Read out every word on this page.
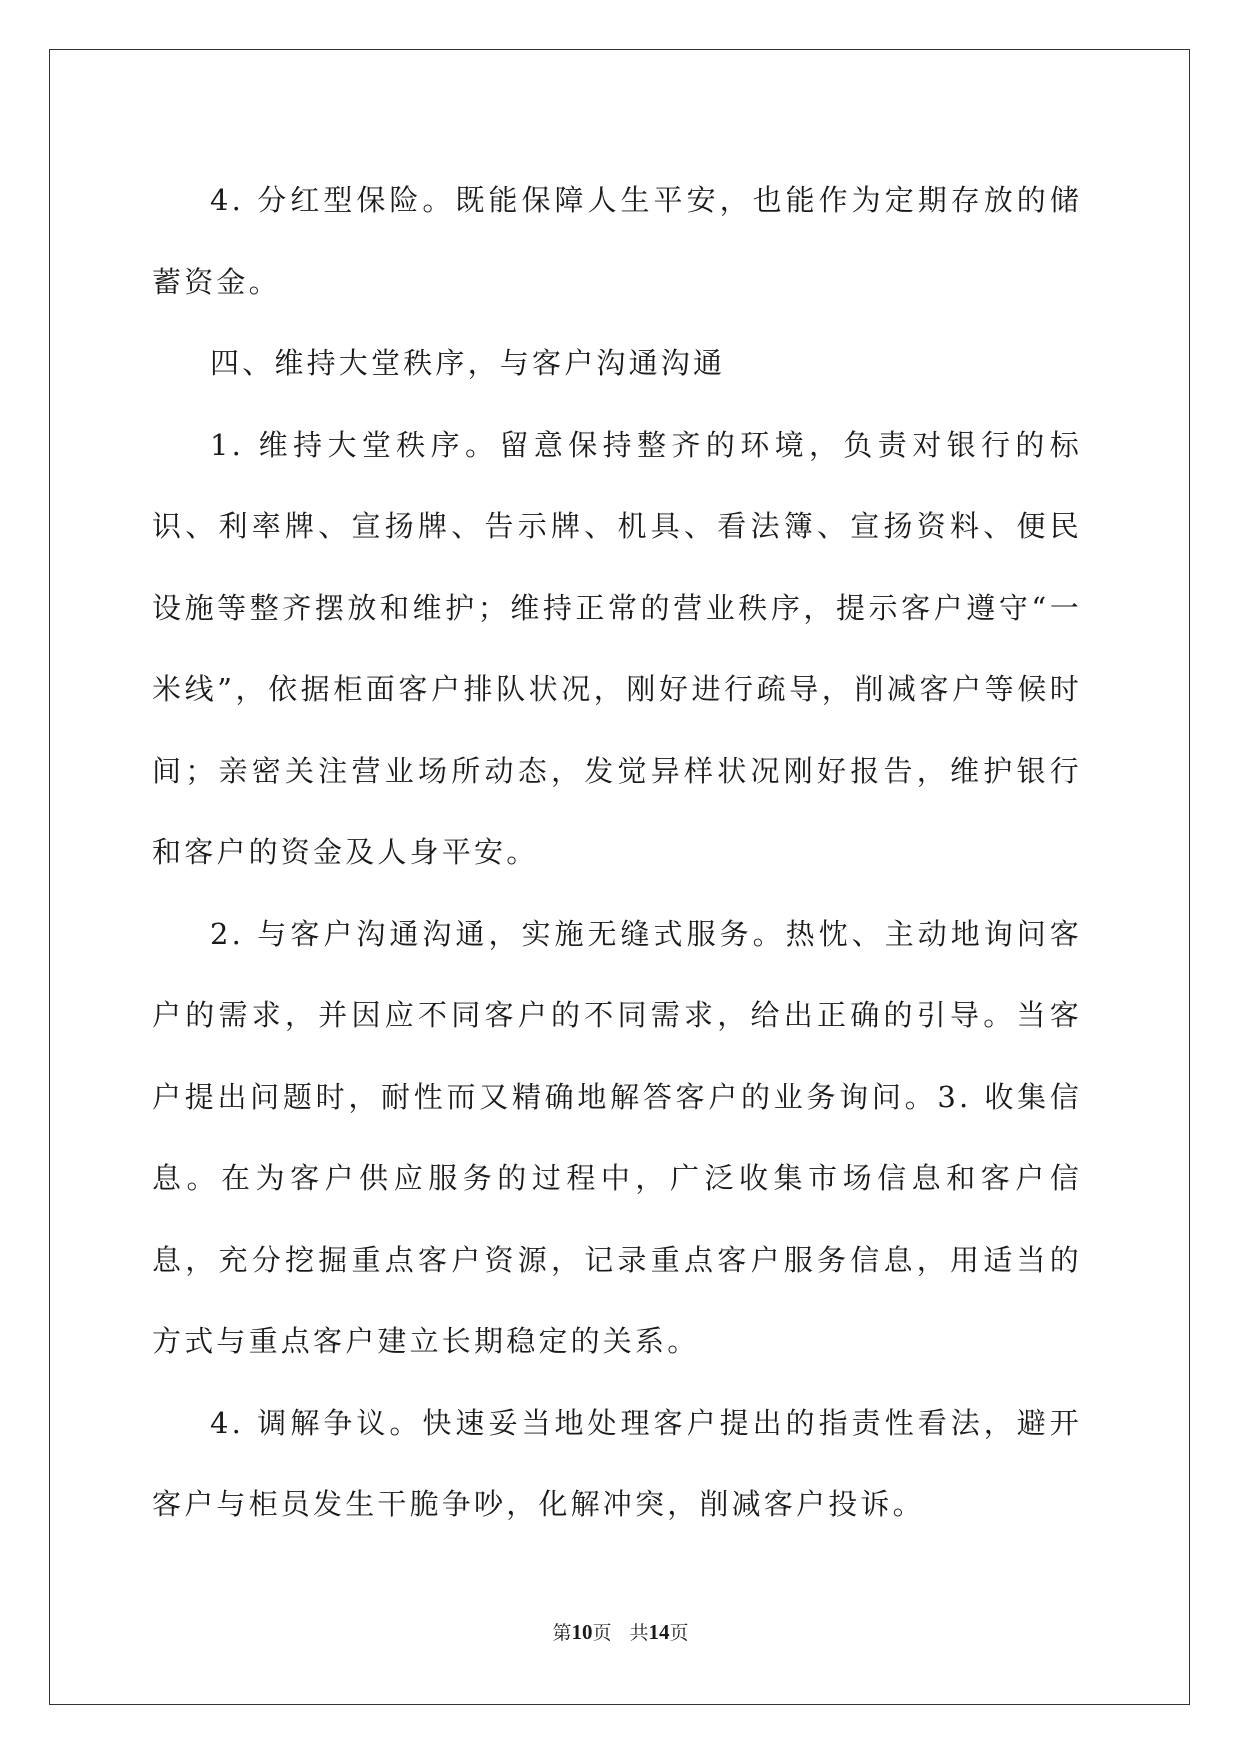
4. 分红型保险。既能保障人生平安，也能作为定期存放的储蓄资金。

四、维持大堂秩序，与客户沟通沟通

1. 维持大堂秩序。留意保持整齐的环境，负责对银行的标识、利率牌、宣扬牌、告示牌、机具、看法簿、宣扬资料、便民设施等整齐摆放和维护；维持正常的营业秩序，提示客户遵守“一米线”，依据柜面客户排队状况，刚好进行疏导，削减客户等候时间；亲密关注营业场所动态，发觉异样状况刚好报告，维护银行和客户的资金及人身平安。

2. 与客户沟通沟通，实施无缝式服务。热忱、主动地询问客户的需求，并因应不同客户的不同需求，给出正确的引导。当客户提出问题时，耐性而又精确地解答客户的业务询问。3. 收集信息。在为客户供应服务的过程中，广泛收集市场信息和客户信息，充分挖掘重点客户资源，记录重点客户服务信息，用适当的方式与重点客户建立长期稳定的关系。

4. 调解争议。快速妥当地处理客户提出的指责性看法，避开客户与柜员发生干脆争吵，化解冲突，削减客户投诉。

第10页 共14页
